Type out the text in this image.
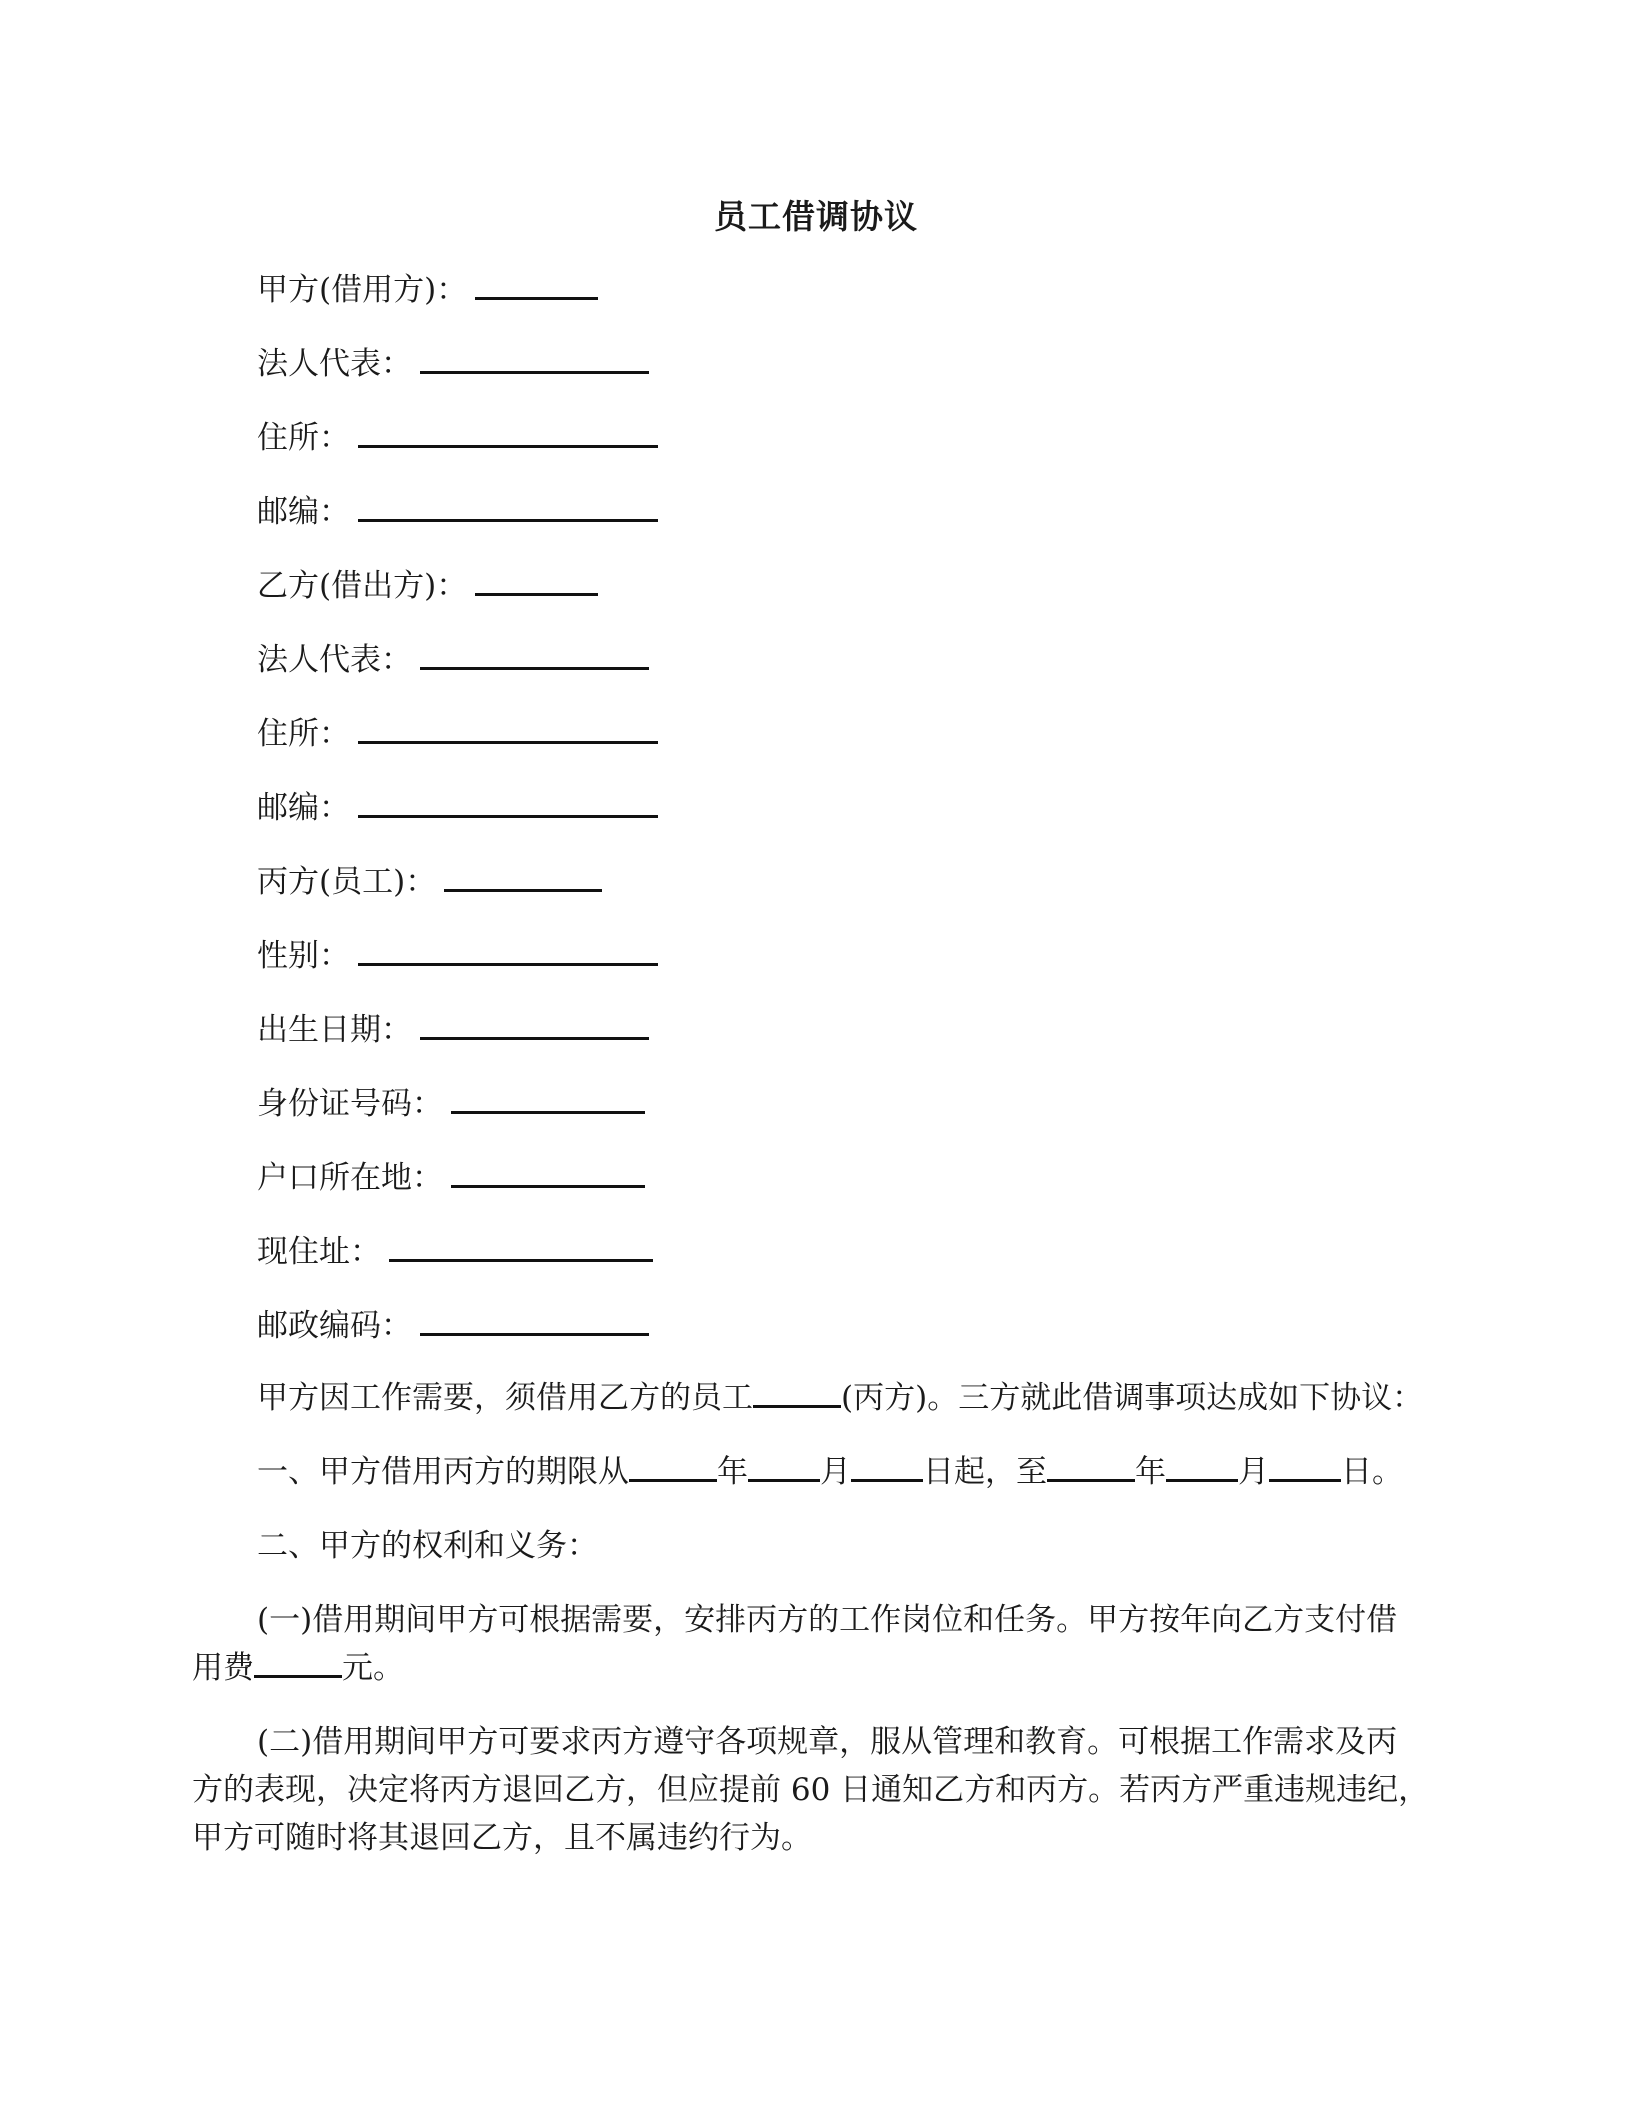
员工借调协议
甲方(借用方)：
法人代表：
住所：
邮编：
乙方(借出方)：
法人代表：
住所：
邮编：
丙方(员工)：
性别：
出生日期：
身份证号码：
户口所在地：
现住址：
邮政编码：
甲方因工作需要，须借用乙方的员工	(丙方)。三方就此借调事项达成如下协议：
一、甲方借用丙方的期限从	年 月 日起，至	年 月 日。
二、甲方的权利和义务：
(一)借用期间甲方可根据需要，安排丙方的工作岗位和任务。甲方按年向乙方支付借
用费	元。
(二)借用期间甲方可要求丙方遵守各项规章，服从管理和教育。可根据工作需求及丙
方的表现，决定将丙方退回乙方，但应提前 60 日通知乙方和丙方。若丙方严重违规违纪，
甲方可随时将其退回乙方，且不属违约行为。
